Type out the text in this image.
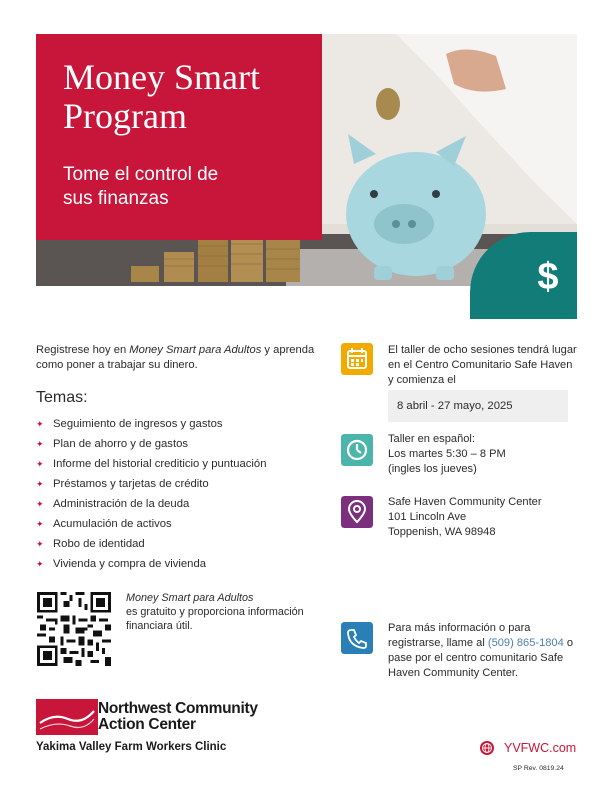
Money Smart
Program
Tome el control de
sus finanzas
$
Registrese hoy en Money Smart para Adultos y aprenda como poner a trabajar su dinero.
Temas:
✦ Seguimiento de ingresos y gastos
✦ Plan de ahorro y de gastos
✦ Informe del historial crediticio y puntuación
✦ Préstamos y tarjetas de crédito
✦ Administración de la deuda
✦ Acumulación de activos
✦ Robo de identidad
✦ Vivienda y compra de vivienda
Money Smart para Adultos
es gratuito y proporciona información financiara útil.
Northwest Community
Action Center
Yakima Valley Farm Workers Clinic
El taller de ocho sesiones tendrá lugar en el Centro Comunitario Safe Haven y comienza el
8 abril - 27 mayo, 2025
Taller en español:
Los martes 5:30 – 8 PM
(ingles los jueves)
Safe Haven Community Center
101 Lincoln Ave
Toppenish, WA 98948
Para más información o para registrarse, llame al (509) 865-1804 o pase por el centro comunitario Safe Haven Community Center.
YVFWC.com
SP Rev. 0819.24
